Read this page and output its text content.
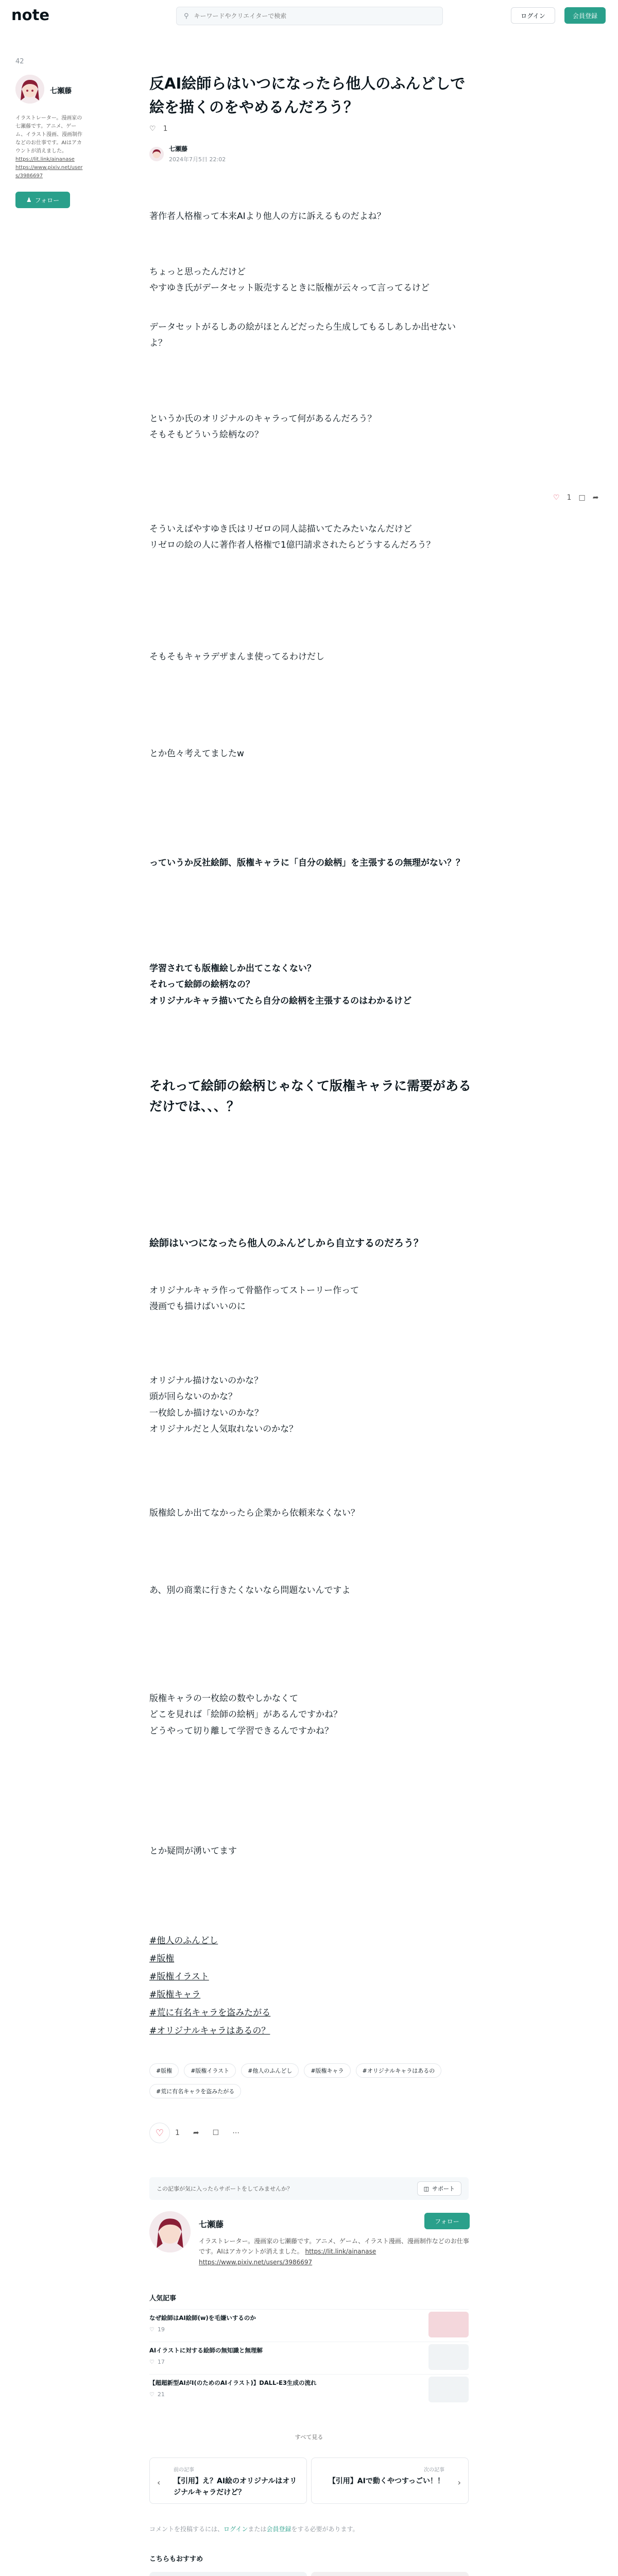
note	⚲
キーワードやクリエイターで検索	ログイン	会員登録
42
七瀬藤
イラストレーター。漫画家の七瀬藤です。アニメ、ゲーム、イラスト漫画、漫画制作などのお仕事です。AIはアカウントが消えました。
https://lit.link/ainanase
https://www.pixiv.net/users/3986697
♟ フォロー
反AI絵師らはいつになったら他人のふんどしで絵を描くのをやめるんだろう？
♡ 1
七瀬藤
2024年7月5日 22:02

著作者人格権って本来AIより他人の方に訴えるものだよね？

ちょっと思ったんだけど
やすゆき氏がデータセット販売するときに版権が云々って言ってるけど

データセットがるしあの絵がほとんどだったら生成してもるしあしか出せないよ？

というか氏のオリジナルのキャラって何があるんだろう？
そもそもどういう絵柄なの？

そういえばやすゆき氏はリゼロの同人誌描いてたみたいなんだけど
リゼロの絵の人に著作者人格権で1億円請求されたらどうするんだろう？

そもそもキャラデザまんま使ってるわけだし

とか色々考えてましたw

っていうか反社絵師、版権キャラに「自分の絵柄」を主張するの無理がない？？

学習されても版権絵しか出てこなくない？
それって絵師の絵柄なの？
オリジナルキャラ描いてたら自分の絵柄を主張するのはわかるけど

それって絵師の絵柄じゃなくて版権キャラに需要があるだけでは、、、？
絵師はいつになったら他人のふんどしから自立するのだろう？

オリジナルキャラ作って骨骼作ってストーリー作って
漫画でも描けばいいのに

オリジナル描けないのかな？
頭が回らないのかな？
一枚絵しか描けないのかな？
オリジナルだと人気取れないのかな？

版権絵しか出てなかったら企業から依頼来なくない？

あ、別の商業に行きたくないなら問題ないんですよ

版権キャラの一枚絵の数やしかなくて
どこを見れば「絵師の絵柄」があるんですかね？
どうやって切り離して学習できるんですかね？

とか疑問が湧いてます

♡ 1 □ ➦
#他人のふんどし
#版権
#版権イラスト
#版権キャラ
#荒に有名キャラを盗みたがる
#オリジナルキャラはあるの？
#版権	#版権イラスト	#他人のふんどし	#版権キャラ	#オリジナルキャラはあるの
#荒に有名キャラを盗みたがる
♡	1 ➦ ☐ ⋯
この記事が気に入ったらサポートをしてみませんか？	◫ サポート
七瀬藤	フォロー
イラストレーター。漫画家の七瀬藤です。アニメ、ゲーム、イラスト漫画、漫画制作などのお仕事です。AIはアカウントが消えました。 https://lit.link/ainanase https://www.pixiv.net/users/3986697
人気記事
なぜ絵師はAI絵師(w)を毛嫌いするのか
♡ 19
AIイラストに対する絵師の無知識と無理解
♡ 17
【超超新型AIがI(のためのAIイラスト)】DALL-E3生成の流れ
♡ 21
すべて見る
‹
前の記事
【引用】え？AI絵のオリジナルはオリジナルキャラだけど？
次の記事
【引用】AIで動くやつすっごい！！ ›
コメントを投稿するには、ログインまたは会員登録をする必要があります。
こちらもおすすめ
